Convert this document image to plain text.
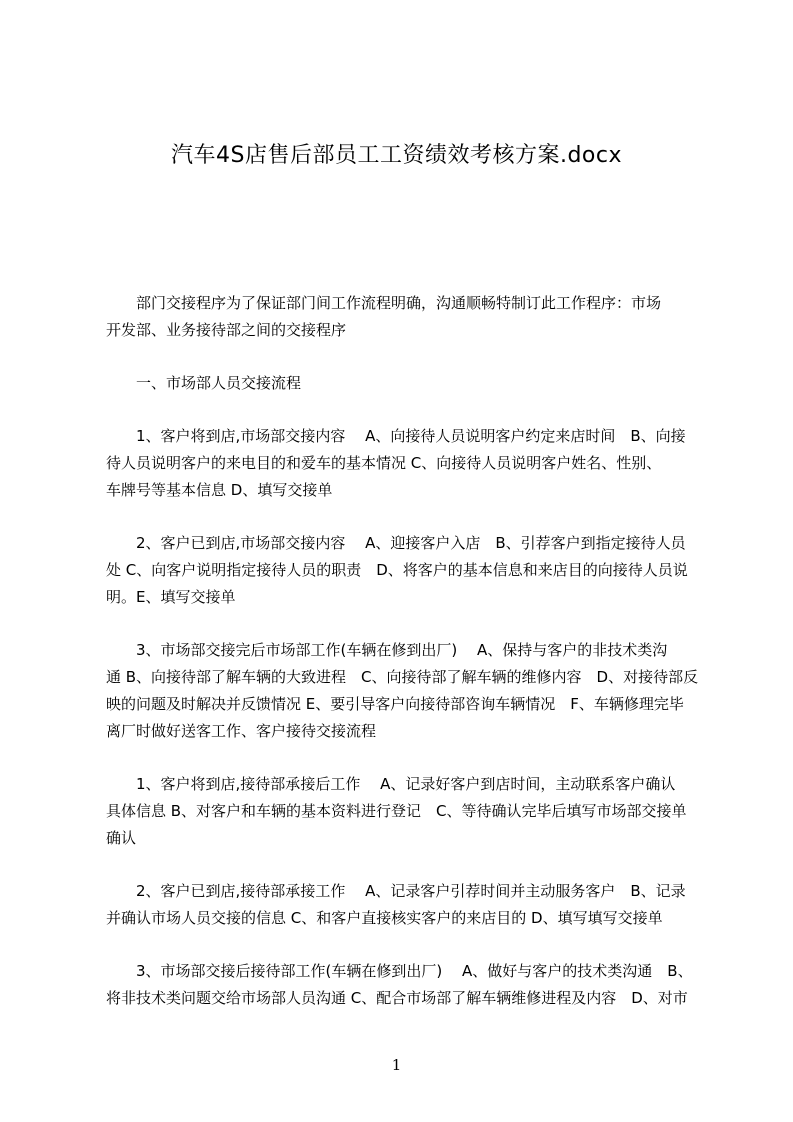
汽车4S店售后部员工工资绩效考核方案.docx
部门交接程序为了保证部门间工作流程明确，沟通顺畅特制订此工作程序：市场
开发部、业务接待部之间的交接程序
一、市场部人员交接流程
1、客户将到店,市场部交接内容　 A、向接待人员说明客户约定来店时间　B、向接
待人员说明客户的来电目的和爱车的基本情况 C、向接待人员说明客户姓名、性别、
车牌号等基本信息 D、填写交接单
2、客户已到店,市场部交接内容　 A、迎接客户入店　B、引荐客户到指定接待人员
处 C、向客户说明指定接待人员的职责　D、将客户的基本信息和来店目的向接待人员说
明。E、填写交接单
3、市场部交接完后市场部工作(车辆在修到出厂)　 A、保持与客户的非技术类沟
通 B、向接待部了解车辆的大致进程　C、向接待部了解车辆的维修内容　D、对接待部反
映的问题及时解决并反馈情况 E、要引导客户向接待部咨询车辆情况　F、车辆修理完毕
离厂时做好送客工作、客户接待交接流程
1、客户将到店,接待部承接后工作　 A、记录好客户到店时间，主动联系客户确认
具体信息 B、对客户和车辆的基本资料进行登记　C、等待确认完毕后填写市场部交接单
确认
2、客户已到店,接待部承接工作　 A、记录客户引荐时间并主动服务客户　B、记录
并确认市场人员交接的信息 C、和客户直接核实客户的来店目的 D、填写填写交接单
3、市场部交接后接待部工作(车辆在修到出厂)　 A、做好与客户的技术类沟通　B、
将非技术类问题交给市场部人员沟通 C、配合市场部了解车辆维修进程及内容　D、对市
1
